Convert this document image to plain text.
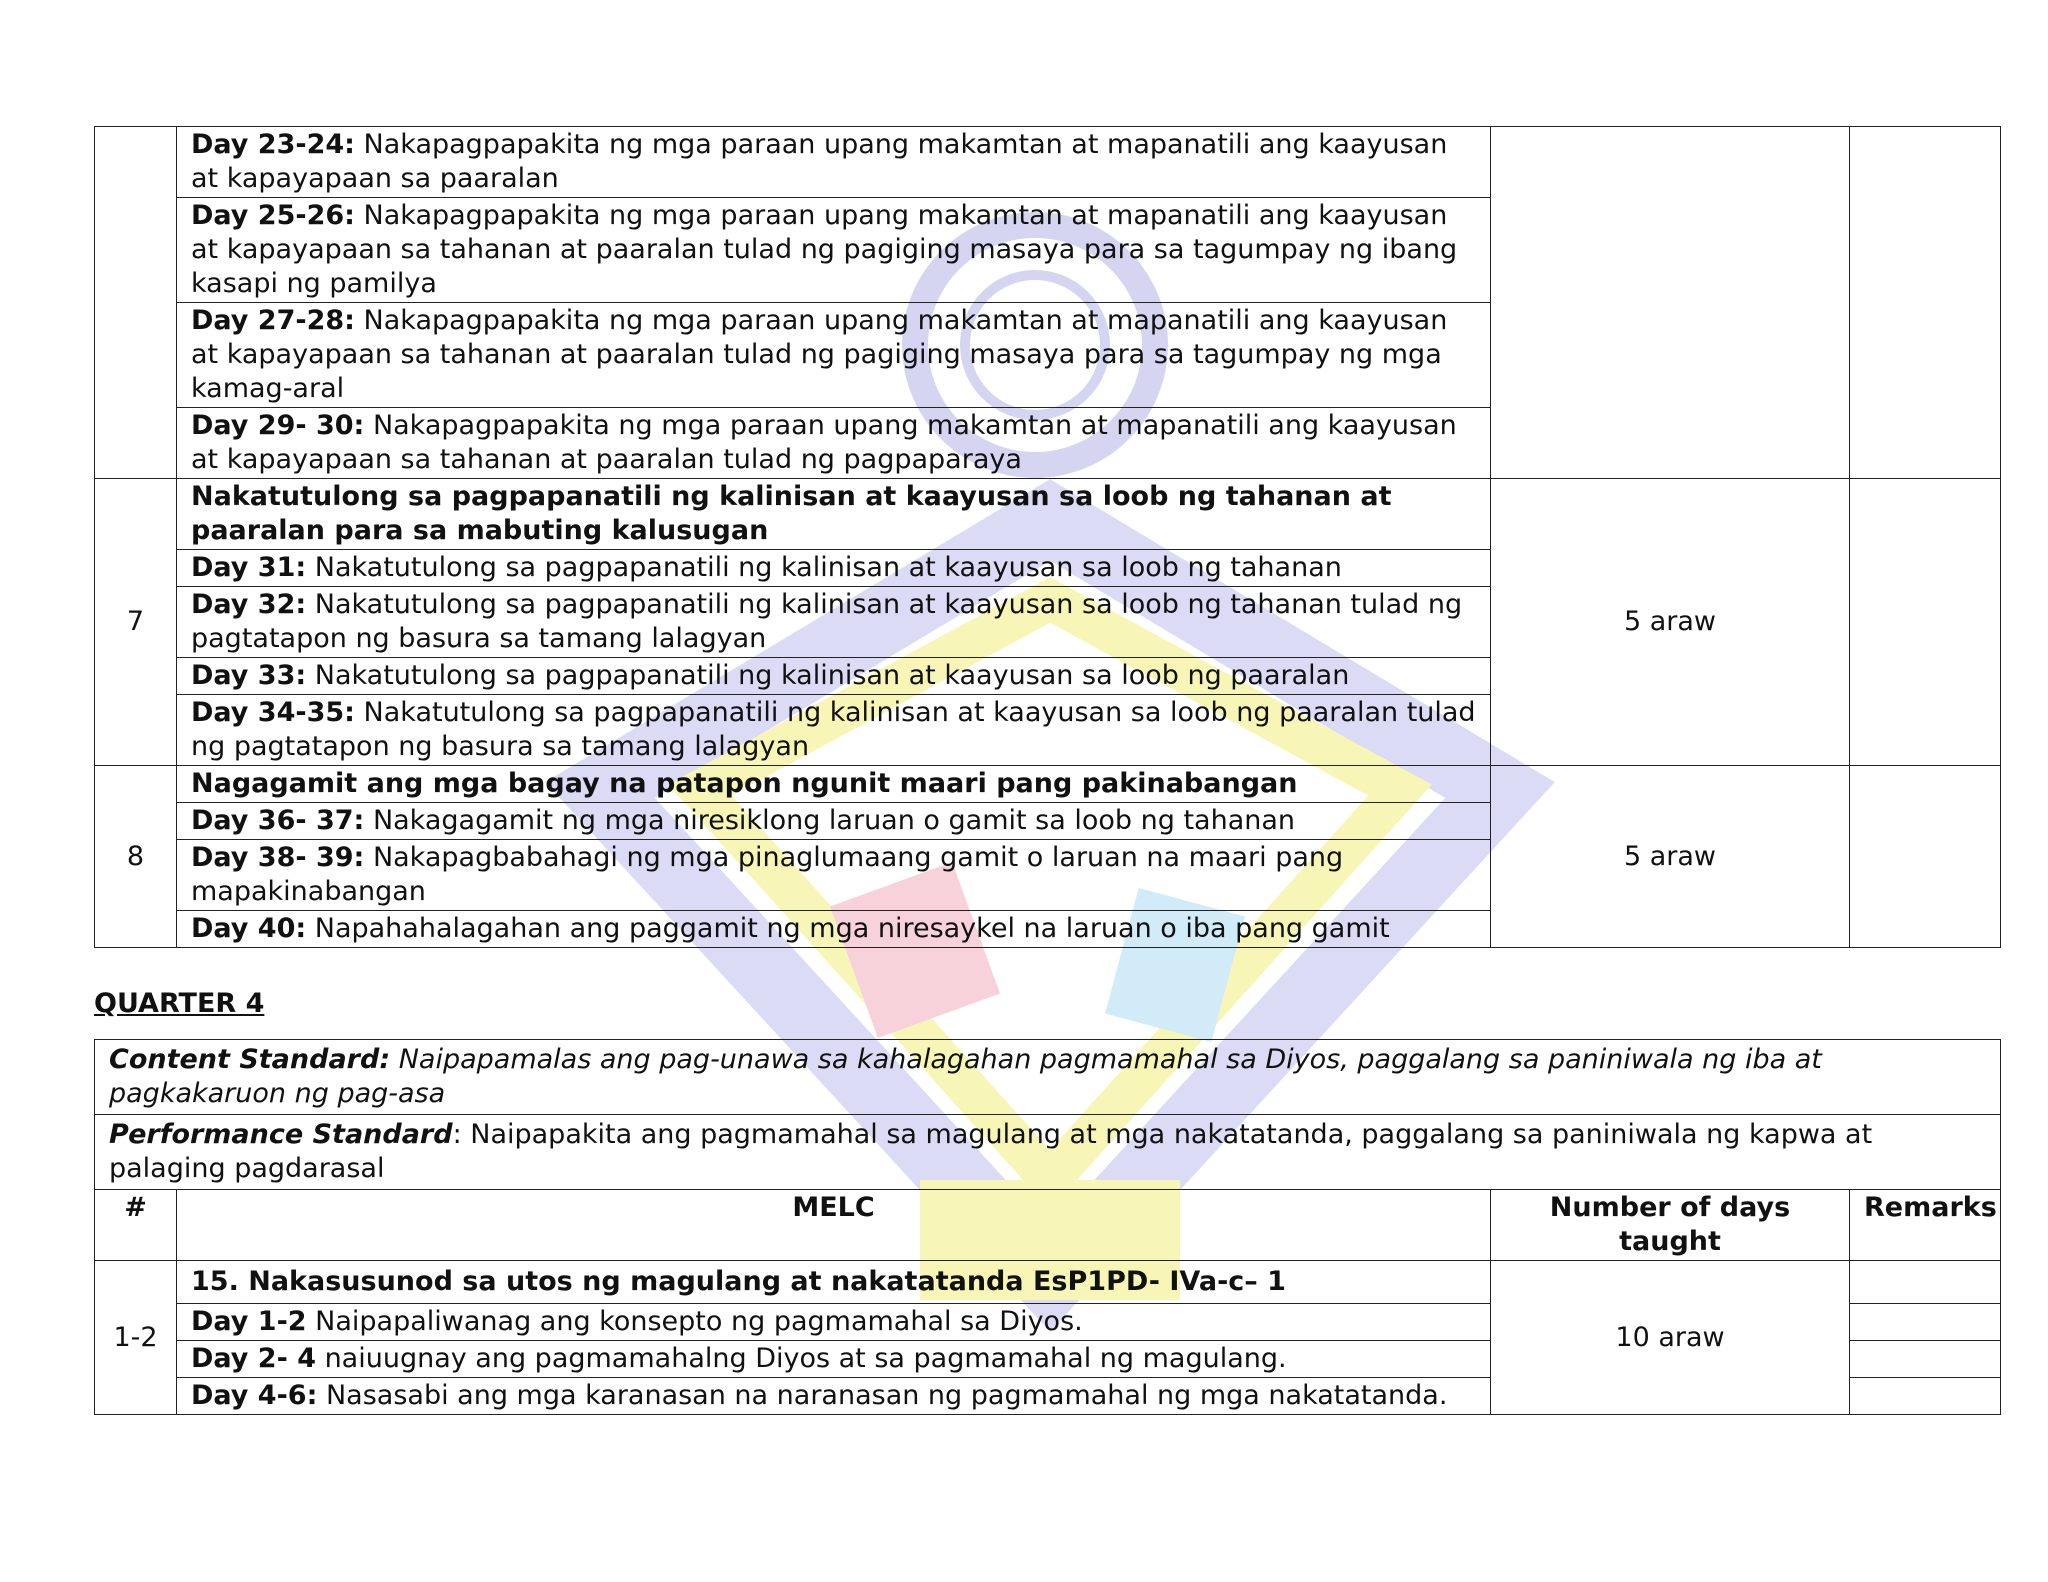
	Day 23-24: Nakapagpapakita ng mga paraan upang makamtan at mapanatili ang kaayusan at kapayapaan sa paaralan		
	Day 25-26: Nakapagpapakita ng mga paraan upang makamtan at mapanatili ang kaayusan at kapayapaan sa tahanan at paaralan tulad ng pagiging masaya para sa tagumpay ng ibang kasapi ng pamilya		
	Day 27-28: Nakapagpapakita ng mga paraan upang makamtan at mapanatili ang kaayusan at kapayapaan sa tahanan at paaralan tulad ng pagiging masaya para sa tagumpay ng mga kamag-aral		
	Day 29- 30: Nakapagpapakita ng mga paraan upang makamtan at mapanatili ang kaayusan at kapayapaan sa tahanan at paaralan tulad ng pagpaparaya		
7	Nakatutulong sa pagpapanatili ng kalinisan at kaayusan sa loob ng tahanan at paaralan para sa mabuting kalusugan	5 araw	
	Day 31: Nakatutulong sa pagpapanatili ng kalinisan at kaayusan sa loob ng tahanan		
	Day 32: Nakatutulong sa pagpapanatili ng kalinisan at kaayusan sa loob ng tahanan tulad ng pagtatapon ng basura sa tamang lalagyan		
	Day 33: Nakatutulong sa pagpapanatili ng kalinisan at kaayusan sa loob ng paaralan		
	Day 34-35: Nakatutulong sa pagpapanatili ng kalinisan at kaayusan sa loob ng paaralan tulad ng pagtatapon ng basura sa tamang lalagyan		
8	Nagagamit ang mga bagay na patapon ngunit maari pang pakinabangan	5 araw	
	Day 36- 37: Nakagagamit ng mga niresiklong laruan o gamit sa loob ng tahanan		
	Day 38- 39: Nakapagbabahagi ng mga pinaglumaang gamit o laruan na maari pang mapakinabangan		
	Day 40: Napahahalagahan ang paggamit ng mga niresaykel na laruan o iba pang gamit		
QUARTER 4
Content Standard: Naipapamalas ang pag-unawa sa kahalagahan pagmamahal sa Diyos, paggalang sa paniniwala ng iba at pagkakaruon ng pag-asa			
Performance Standard: Naipapakita ang pagmamahal sa magulang at mga nakatatanda, paggalang sa paniniwala ng kapwa at palaging pagdarasal			
#	MELC	Number of days taught	Remarks
1-2	15. Nakasusunod sa utos ng magulang at nakatatanda EsP1PD- IVa-c– 1	10 araw	
	Day 1-2 Naipapaliwanag ang konsepto ng pagmamahal sa Diyos.		
	Day 2- 4 naiuugnay ang pagmamahalng Diyos at sa pagmamahal ng magulang.		
	Day 4-6: Nasasabi ang mga karanasan na naranasan ng pagmamahal ng mga nakatatanda.		
